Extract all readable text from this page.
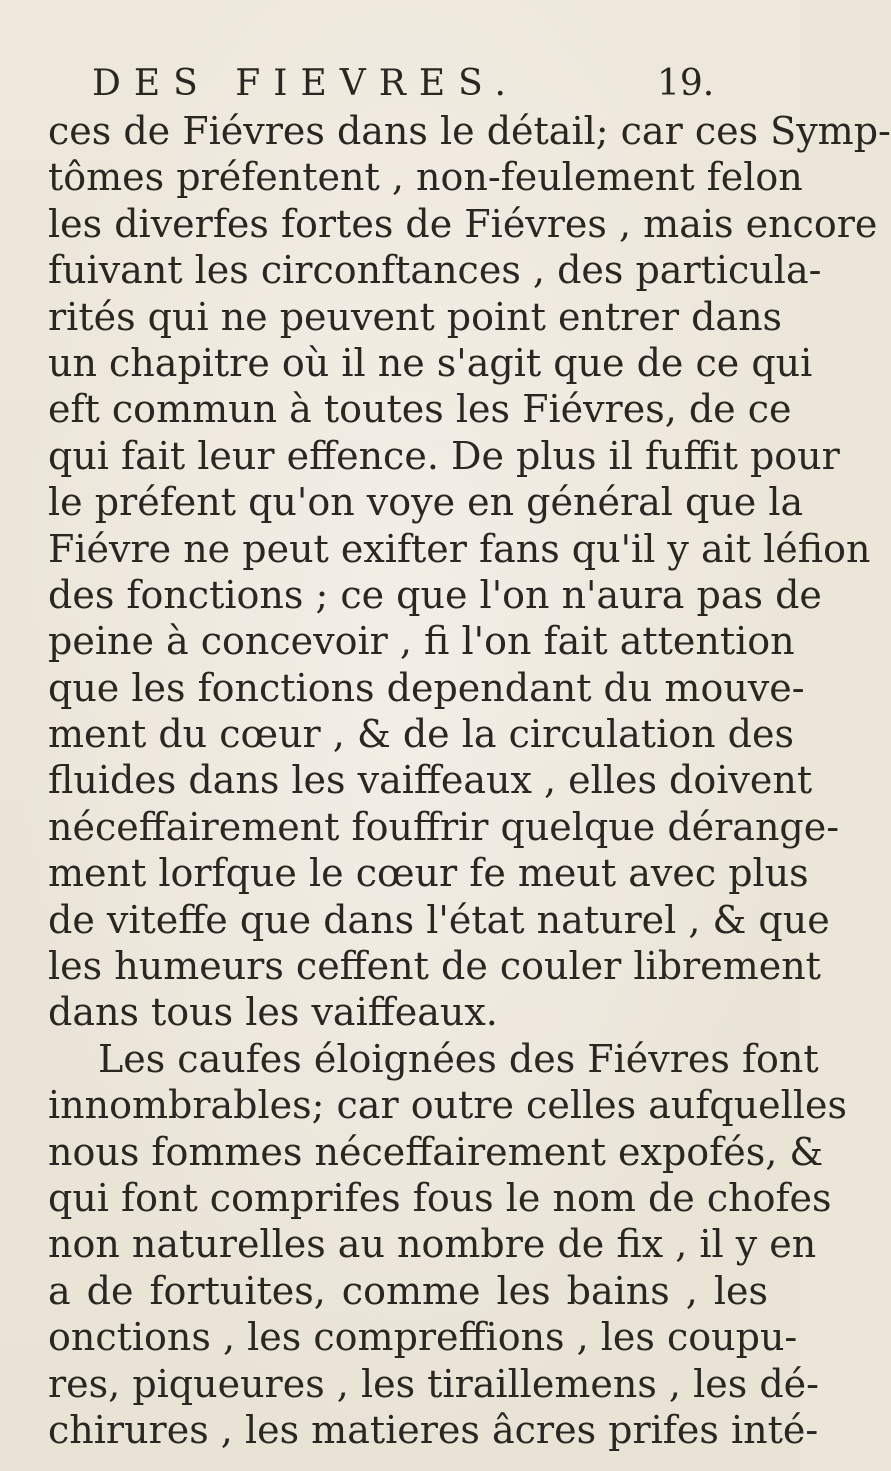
DES FIEVRES.	19.
ces de Fiévres dans le détail; car ces Symp-
tômes préfentent , non-feulement felon
les diverfes fortes de Fiévres , mais encore
fuivant les circonftances , des particula-
rités qui ne peuvent point entrer dans
un chapitre où il ne s'agit que de ce qui
eft commun à toutes les Fiévres, de ce
qui fait leur effence. De plus il fuffit pour
le préfent qu'on voye en général que la
Fiévre ne peut exifter fans qu'il y ait léfion
des fonctions ; ce que l'on n'aura pas de
peine à concevoir , fi l'on fait attention
que les fonctions dependant du mouve-
ment du cœur , & de la circulation des
fluides dans les vaiffeaux , elles doivent
néceffairement fouffrir quelque dérange-
ment lorfque le cœur fe meut avec plus
de viteffe que dans l'état naturel , & que
les humeurs ceffent de couler librement
dans tous les vaiffeaux.
Les caufes éloignées des Fiévres font
innombrables; car outre celles aufquelles
nous fommes néceffairement expofés, &
qui font comprifes fous le nom de chofes
non naturelles au nombre de fix , il y en
a de fortuites, comme les bains , les
onctions , les compreffions , les coupu-
res, piqueures , les tiraillemens , les dé-
chirures , les matieres âcres prifes inté-
